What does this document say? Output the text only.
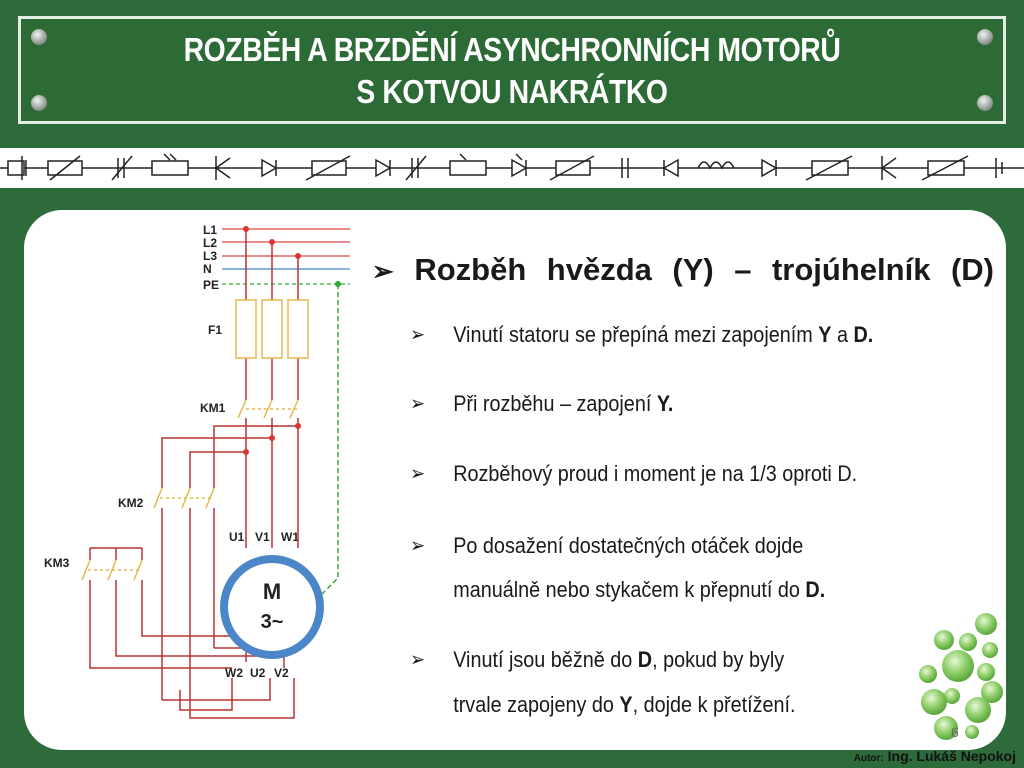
ROZBĚH A BRZDĚNÍ ASYNCHRONNÍCH MOTORŮ
S KOTVOU NAKRÁTKO
L1
L2
L3
N
PE
F1
KM1
KM2
KM3
U1 V1 W1
W2 U2 V2
M
3~
➢ Rozběh hvězda (Y) – trojúhelník (D)
➢ Vinutí statoru se přepíná mezi zapojením Y a D.
➢ Při rozběhu – zapojení Y.
➢ Rozběhový proud i moment je na 1/3 oproti D.
➢ Po dosažení dostatečných otáček dojde
manuálně nebo stykačem k přepnutí do D.
➢ Vinutí jsou běžně do D, pokud by byly
trvale zapojeny do Y, dojde k přetížení.
6
Autor: Ing. Lukáš Nepokoj
